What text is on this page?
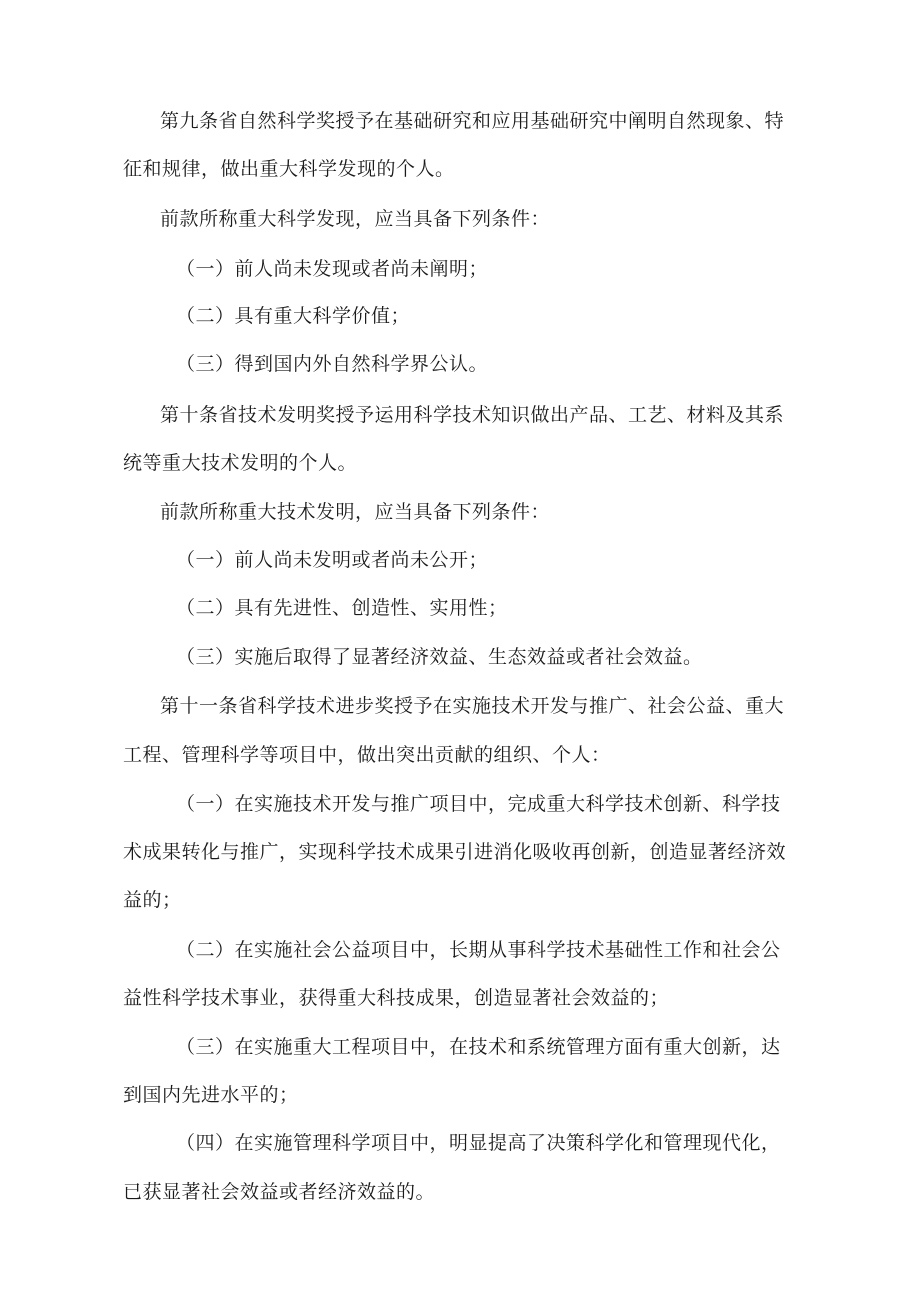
第九条省自然科学奖授予在基础研究和应用基础研究中阐明自然现象、特
征和规律，做出重大科学发现的个人。
前款所称重大科学发现，应当具备下列条件：
（一）前人尚未发现或者尚未阐明；
（二）具有重大科学价值；
（三）得到国内外自然科学界公认。
第十条省技术发明奖授予运用科学技术知识做出产品、工艺、材料及其系
统等重大技术发明的个人。
前款所称重大技术发明，应当具备下列条件：
（一）前人尚未发明或者尚未公开；
（二）具有先进性、创造性、实用性；
（三）实施后取得了显著经济效益、生态效益或者社会效益。
第十一条省科学技术进步奖授予在实施技术开发与推广、社会公益、重大
工程、管理科学等项目中，做出突出贡献的组织、个人：
（一）在实施技术开发与推广项目中，完成重大科学技术创新、科学技
术成果转化与推广，实现科学技术成果引进消化吸收再创新，创造显著经济效
益的；
（二）在实施社会公益项目中，长期从事科学技术基础性工作和社会公
益性科学技术事业，获得重大科技成果，创造显著社会效益的；
（三）在实施重大工程项目中，在技术和系统管理方面有重大创新，达
到国内先进水平的；
（四）在实施管理科学项目中，明显提高了决策科学化和管理现代化，
已获显著社会效益或者经济效益的。
